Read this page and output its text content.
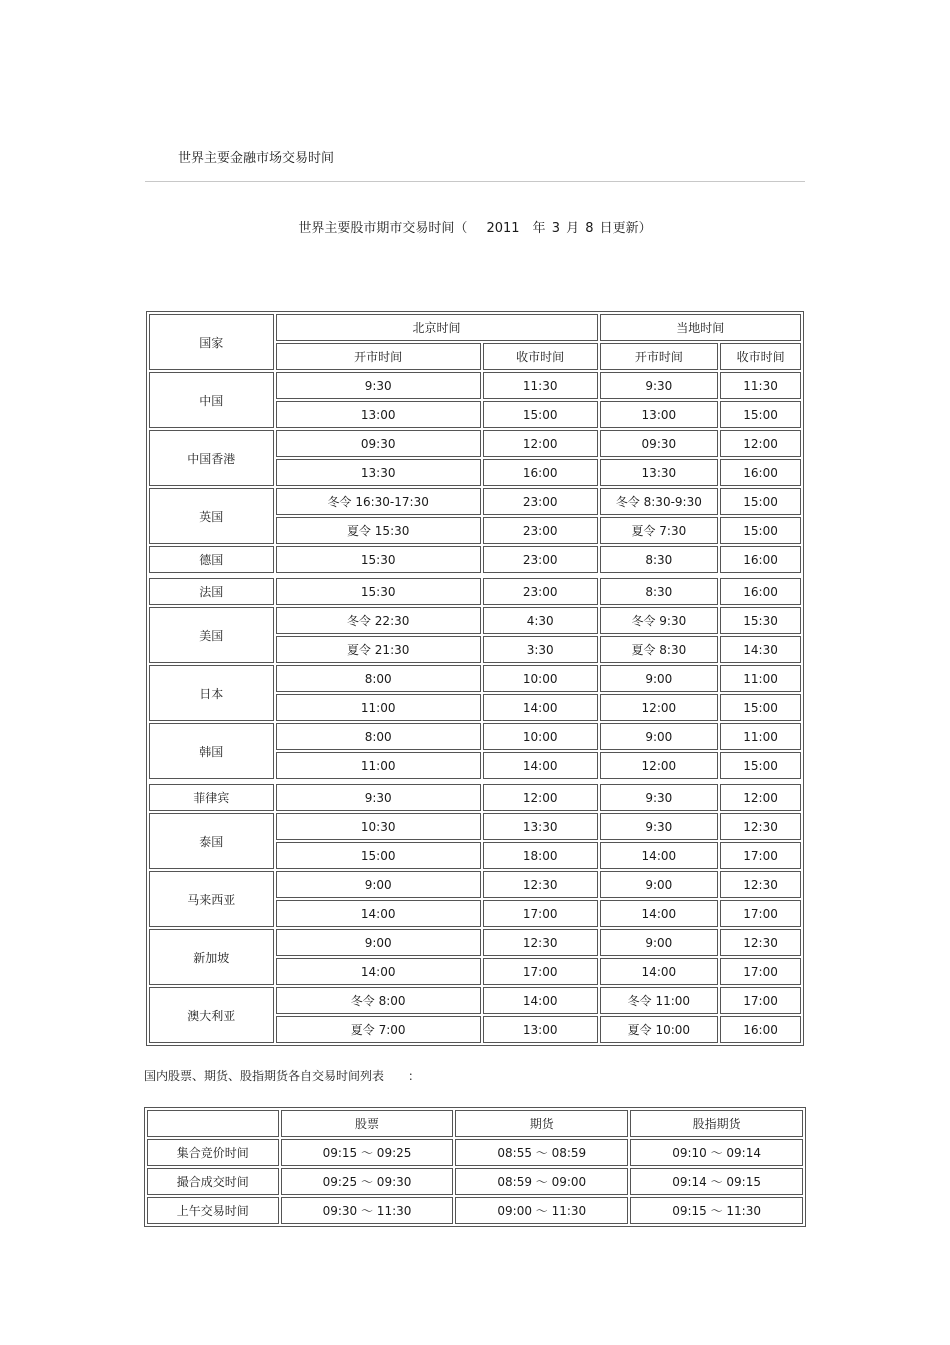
世界主要金融市场交易时间
世界主要股市期市交易时间（　 2011　年 3 月 8 日更新）
国家	北京时间		当地时间	
	开市时间	收市时间	开市时间	收市时间
中国	9:30	11:30	9:30	11:30
	13:00	15:00	13:00	15:00
中国香港	09:30	12:00	09:30	12:00
	13:30	16:00	13:30	16:00
英国	冬令 16:30-17:30	23:00	冬令 8:30-9:30	15:00
	夏令 15:30	23:00	夏令 7:30	15:00
德国	15:30	23:00	8:30	16:00

法国	15:30	23:00	8:30	16:00
美国	冬令 22:30	4:30	冬令 9:30	15:30
	夏令 21:30	3:30	夏令 8:30	14:30
日本	8:00	10:00	9:00	11:00
	11:00	14:00	12:00	15:00
韩国	8:00	10:00	9:00	11:00
	11:00	14:00	12:00	15:00

菲律宾	9:30	12:00	9:30	12:00
泰国	10:30	13:30	9:30	12:30
	15:00	18:00	14:00	17:00
马来西亚	9:00	12:30	9:00	12:30
	14:00	17:00	14:00	17:00
新加坡	9:00	12:30	9:00	12:30
	14:00	17:00	14:00	17:00
澳大利亚	冬令 8:00	14:00	冬令 11:00	17:00
	夏令 7:00	13:00	夏令 10:00	16:00
国内股票、期货、股指期货各自交易时间列表　　：
	股票	期货	股指期货
集合竞价时间	09:15 ～ 09:25	08:55 ～ 08:59	09:10 ～ 09:14
撮合成交时间	09:25 ～ 09:30	08:59 ～ 09:00	09:14 ～ 09:15
上午交易时间	09:30 ～ 11:30	09:00 ～ 11:30	09:15 ～ 11:30
